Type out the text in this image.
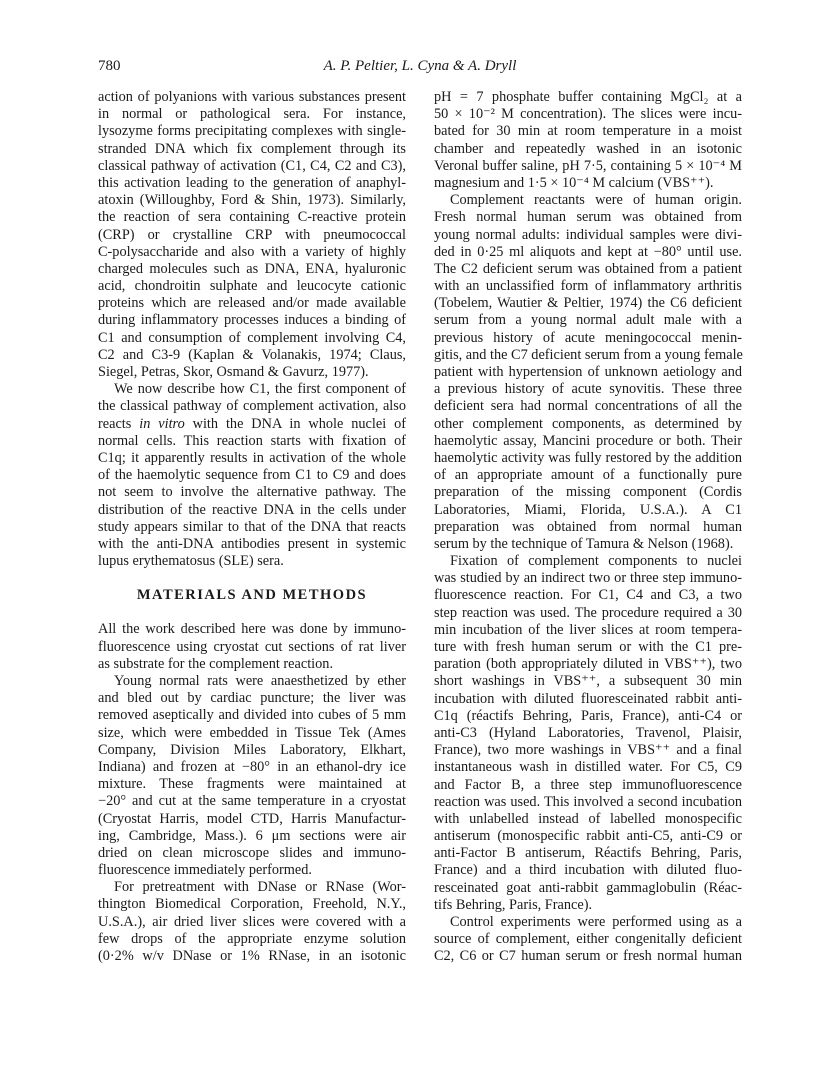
780	A. P. Peltier, L. Cyna & A. Dryll
action of polyanions with various substances present
in normal or pathological sera. For instance,
lysozyme forms precipitating complexes with single-
stranded DNA which fix complement through its
classical pathway of activation (C1, C4, C2 and C3),
this activation leading to the generation of anaphyl-
atoxin (Willoughby, Ford & Shin, 1973). Similarly,
the reaction of sera containing C-reactive protein
(CRP) or crystalline CRP with pneumococcal
C-polysaccharide and also with a variety of highly
charged molecules such as DNA, ENA, hyaluronic
acid, chondroitin sulphate and leucocyte cationic
proteins which are released and/or made available
during inflammatory processes induces a binding of
C1 and consumption of complement involving C4,
C2 and C3-9 (Kaplan & Volanakis, 1974; Claus,
Siegel, Petras, Skor, Osmand & Gavurz, 1977).
We now describe how C1, the first component of
the classical pathway of complement activation, also
reacts in vitro with the DNA in whole nuclei of
normal cells. This reaction starts with fixation of
C1q; it apparently results in activation of the whole
of the haemolytic sequence from C1 to C9 and does
not seem to involve the alternative pathway. The
distribution of the reactive DNA in the cells under
study appears similar to that of the DNA that reacts
with the anti-DNA antibodies present in systemic
lupus erythematosus (SLE) sera.
MATERIALS AND METHODS
All the work described here was done by immuno-
fluorescence using cryostat cut sections of rat liver
as substrate for the complement reaction.
Young normal rats were anaesthetized by ether
and bled out by cardiac puncture; the liver was
removed aseptically and divided into cubes of 5 mm
size, which were embedded in Tissue Tek (Ames
Company, Division Miles Laboratory, Elkhart,
Indiana) and frozen at −80° in an ethanol-dry ice
mixture. These fragments were maintained at
−20° and cut at the same temperature in a cryostat
(Cryostat Harris, model CTD, Harris Manufactur-
ing, Cambridge, Mass.). 6 μm sections were air
dried on clean microscope slides and immuno-
fluorescence immediately performed.
For pretreatment with DNase or RNase (Wor-
thington Biomedical Corporation, Freehold, N.Y.,
U.S.A.), air dried liver slices were covered with a
few drops of the appropriate enzyme solution
(0·2% w/v DNase or 1% RNase, in an isotonic
pH = 7 phosphate buffer containing MgCl₂ at a
50 × 10⁻² M concentration). The slices were incu-
bated for 30 min at room temperature in a moist
chamber and repeatedly washed in an isotonic
Veronal buffer saline, pH 7·5, containing 5 × 10⁻⁴ M
magnesium and 1·5 × 10⁻⁴ M calcium (VBS⁺⁺).
Complement reactants were of human origin.
Fresh normal human serum was obtained from
young normal adults: individual samples were divi-
ded in 0·25 ml aliquots and kept at −80° until use.
The C2 deficient serum was obtained from a patient
with an unclassified form of inflammatory arthritis
(Tobelem, Wautier & Peltier, 1974) the C6 deficient
serum from a young normal adult male with a
previous history of acute meningococcal menin-
gitis, and the C7 deficient serum from a young female
patient with hypertension of unknown aetiology and
a previous history of acute synovitis. These three
deficient sera had normal concentrations of all the
other complement components, as determined by
haemolytic assay, Mancini procedure or both. Their
haemolytic activity was fully restored by the addition
of an appropriate amount of a functionally pure
preparation of the missing component (Cordis
Laboratories, Miami, Florida, U.S.A.). A C1
preparation was obtained from normal human
serum by the technique of Tamura & Nelson (1968).
Fixation of complement components to nuclei
was studied by an indirect two or three step immuno-
fluorescence reaction. For C1, C4 and C3, a two
step reaction was used. The procedure required a 30
min incubation of the liver slices at room tempera-
ture with fresh human serum or with the C1 pre-
paration (both appropriately diluted in VBS⁺⁺), two
short washings in VBS⁺⁺, a subsequent 30 min
incubation with diluted fluoresceinated rabbit anti-
C1q (réactifs Behring, Paris, France), anti-C4 or
anti-C3 (Hyland Laboratories, Travenol, Plaisir,
France), two more washings in VBS⁺⁺ and a final
instantaneous wash in distilled water. For C5, C9
and Factor B, a three step immunofluorescence
reaction was used. This involved a second incubation
with unlabelled instead of labelled monospecific
antiserum (monospecific rabbit anti-C5, anti-C9 or
anti-Factor B antiserum, Réactifs Behring, Paris,
France) and a third incubation with diluted fluo-
resceinated goat anti-rabbit gammaglobulin (Réac-
tifs Behring, Paris, France).
Control experiments were performed using as a
source of complement, either congenitally deficient
C2, C6 or C7 human serum or fresh normal human
